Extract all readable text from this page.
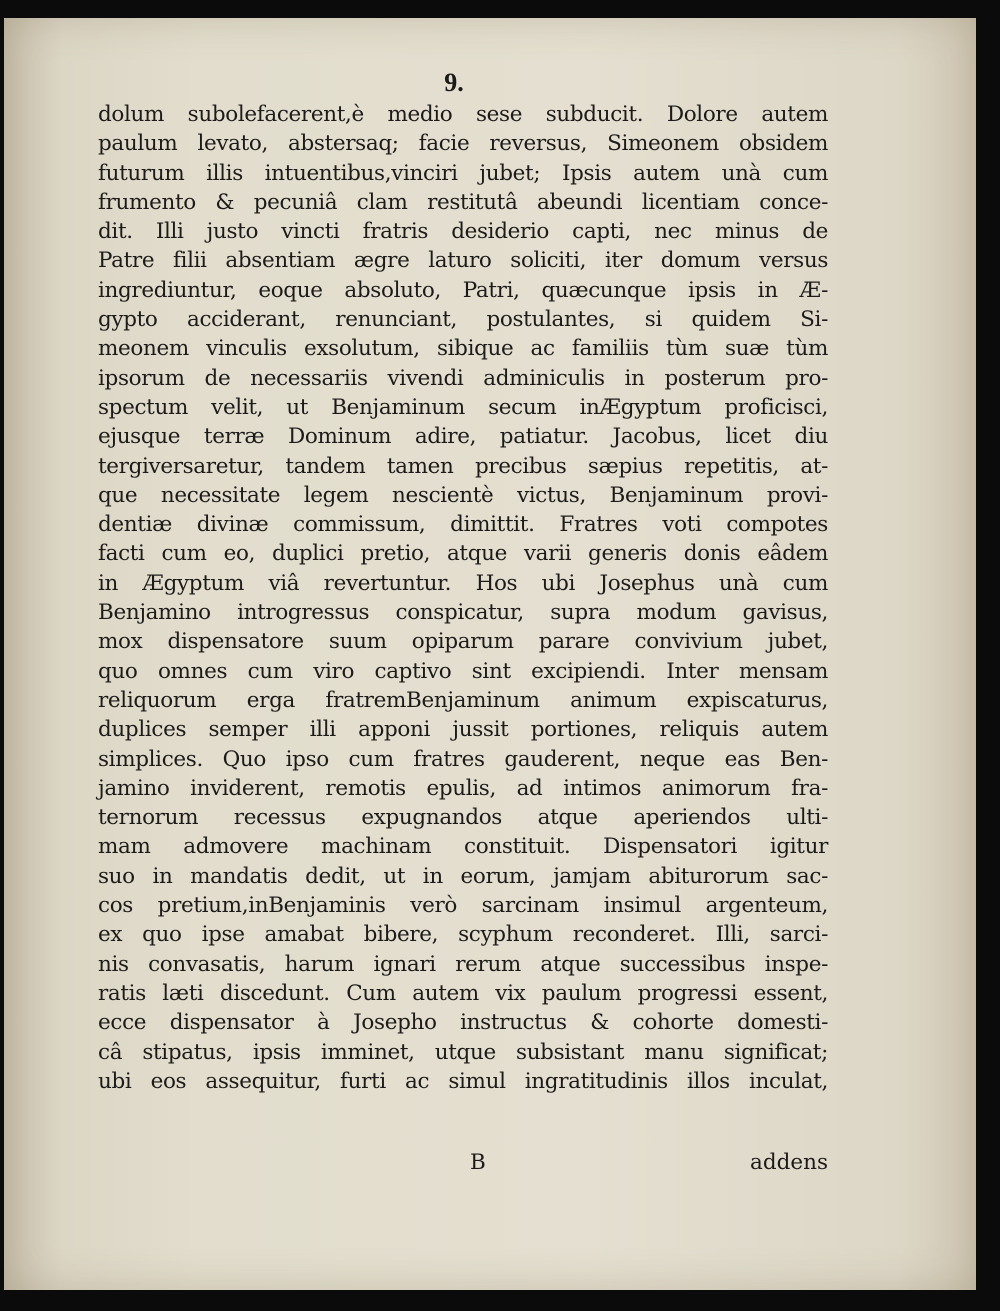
9.
dolum subolefacerent,è medio sese subducit. Dolore autem
paulum levato, abstersaq; facie reversus, Simeonem obsidem
futurum illis intuentibus,vinciri jubet; Ipsis autem unà cum
frumento & pecuniâ clam restitutâ abeundi licentiam conce-
dit. Illi justo vincti fratris desiderio capti, nec minus de
Patre filii absentiam ægre laturo soliciti, iter domum versus
ingrediuntur, eoque absoluto, Patri, quæcunque ipsis in Æ-
gypto acciderant, renunciant, postulantes, si quidem Si-
meonem vinculis exsolutum, sibique ac familiis tùm suæ tùm
ipsorum de necessariis vivendi adminiculis in posterum pro-
spectum velit, ut Benjaminum secum inÆgyptum proficisci,
ejusque terræ Dominum adire, patiatur. Jacobus, licet diu
tergiversaretur, tandem tamen precibus sæpius repetitis, at-
que necessitate legem nescientè victus, Benjaminum provi-
dentiæ divinæ commissum, dimittit. Fratres voti compotes
facti cum eo, duplici pretio, atque varii generis donis eâdem
in Ægyptum viâ revertuntur. Hos ubi Josephus unà cum
Benjamino introgressus conspicatur, supra modum gavisus,
mox dispensatore suum opiparum parare convivium jubet,
quo omnes cum viro captivo sint excipiendi. Inter mensam
reliquorum erga fratremBenjaminum animum expiscaturus,
duplices semper illi apponi jussit portiones, reliquis autem
simplices. Quo ipso cum fratres gauderent, neque eas Ben-
jamino inviderent, remotis epulis, ad intimos animorum fra-
ternorum recessus expugnandos atque aperiendos ulti-
mam admovere machinam constituit. Dispensatori igitur
suo in mandatis dedit, ut in eorum, jamjam abiturorum sac-
cos pretium,inBenjaminis verò sarcinam insimul argenteum,
ex quo ipse amabat bibere, scyphum reconderet. Illi, sarci-
nis convasatis, harum ignari rerum atque successibus inspe-
ratis læti discedunt. Cum autem vix paulum progressi essent,
ecce dispensator à Josepho instructus & cohorte domesti-
câ stipatus, ipsis imminet, utque subsistant manu significat;
ubi eos assequitur, furti ac simul ingratitudinis illos inculat,
B	addens
